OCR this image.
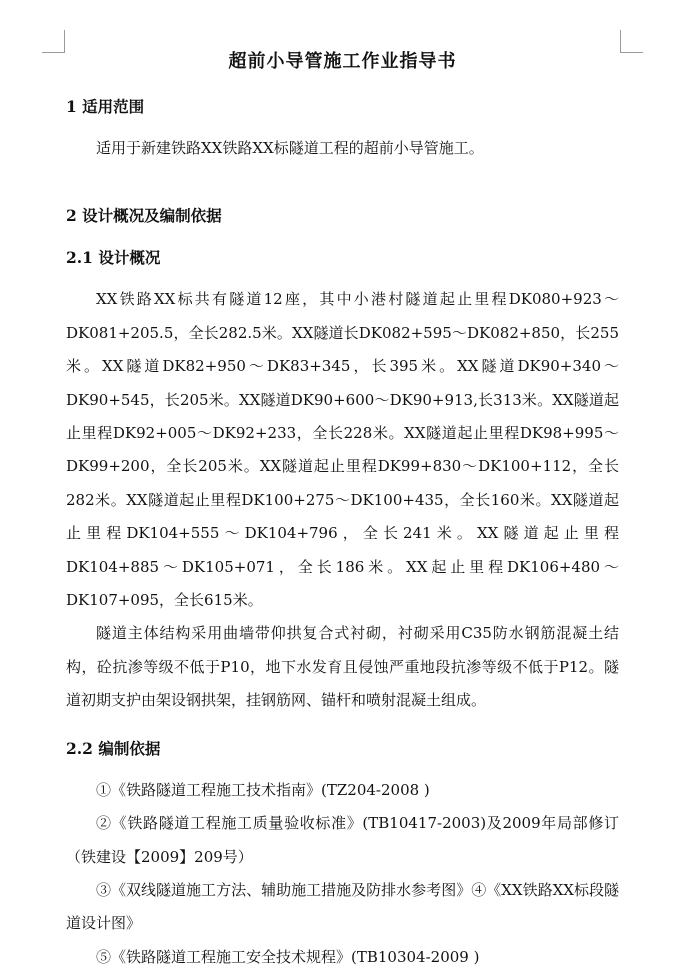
超前小导管施工作业指导书
1 适用范围

适用于新建铁路XX铁路XX标隧道工程的超前小导管施工。

2 设计概况及编制依据
2.1 设计概况

XX铁路XX标共有隧道12座，其中小港村隧道起止里程DK080+923～DK081+205.5，全长282.5米。XX隧道长DK082+595～DK082+850，长255米。XX隧道DK82+950～DK83+345，长395米。XX隧道DK90+340～DK90+545，长205米。XX隧道DK90+600～DK90+913,长313米。XX隧道起止里程DK92+005～DK92+233，全长228米。XX隧道起止里程DK98+995～DK99+200，全长205米。XX隧道起止里程DK99+830～DK100+112，全长282米。XX隧道起止里程DK100+275～DK100+435，全长160米。XX隧道起止里程DK104+555～DK104+796，全长241米。XX隧道起止里程DK104+885～DK105+071，全长186米。XX起止里程DK106+480～DK107+095，全长615米。

隧道主体结构采用曲墙带仰拱复合式衬砌，衬砌采用C35防水钢筋混凝土结构，砼抗渗等级不低于P10，地下水发育且侵蚀严重地段抗渗等级不低于P12。隧道初期支护由架设钢拱架，挂钢筋网、锚杆和喷射混凝土组成。

2.2 编制依据

①《铁路隧道工程施工技术指南》(TZ204-2008 )

②《铁路隧道工程施工质量验收标准》(TB10417-2003)及2009年局部修订（铁建设【2009】209号）

③《双线隧道施工方法、辅助施工措施及防排水参考图》④《XX铁路XX标段隧道设计图》

⑤《铁路隧道工程施工安全技术规程》(TB10304-2009 )
